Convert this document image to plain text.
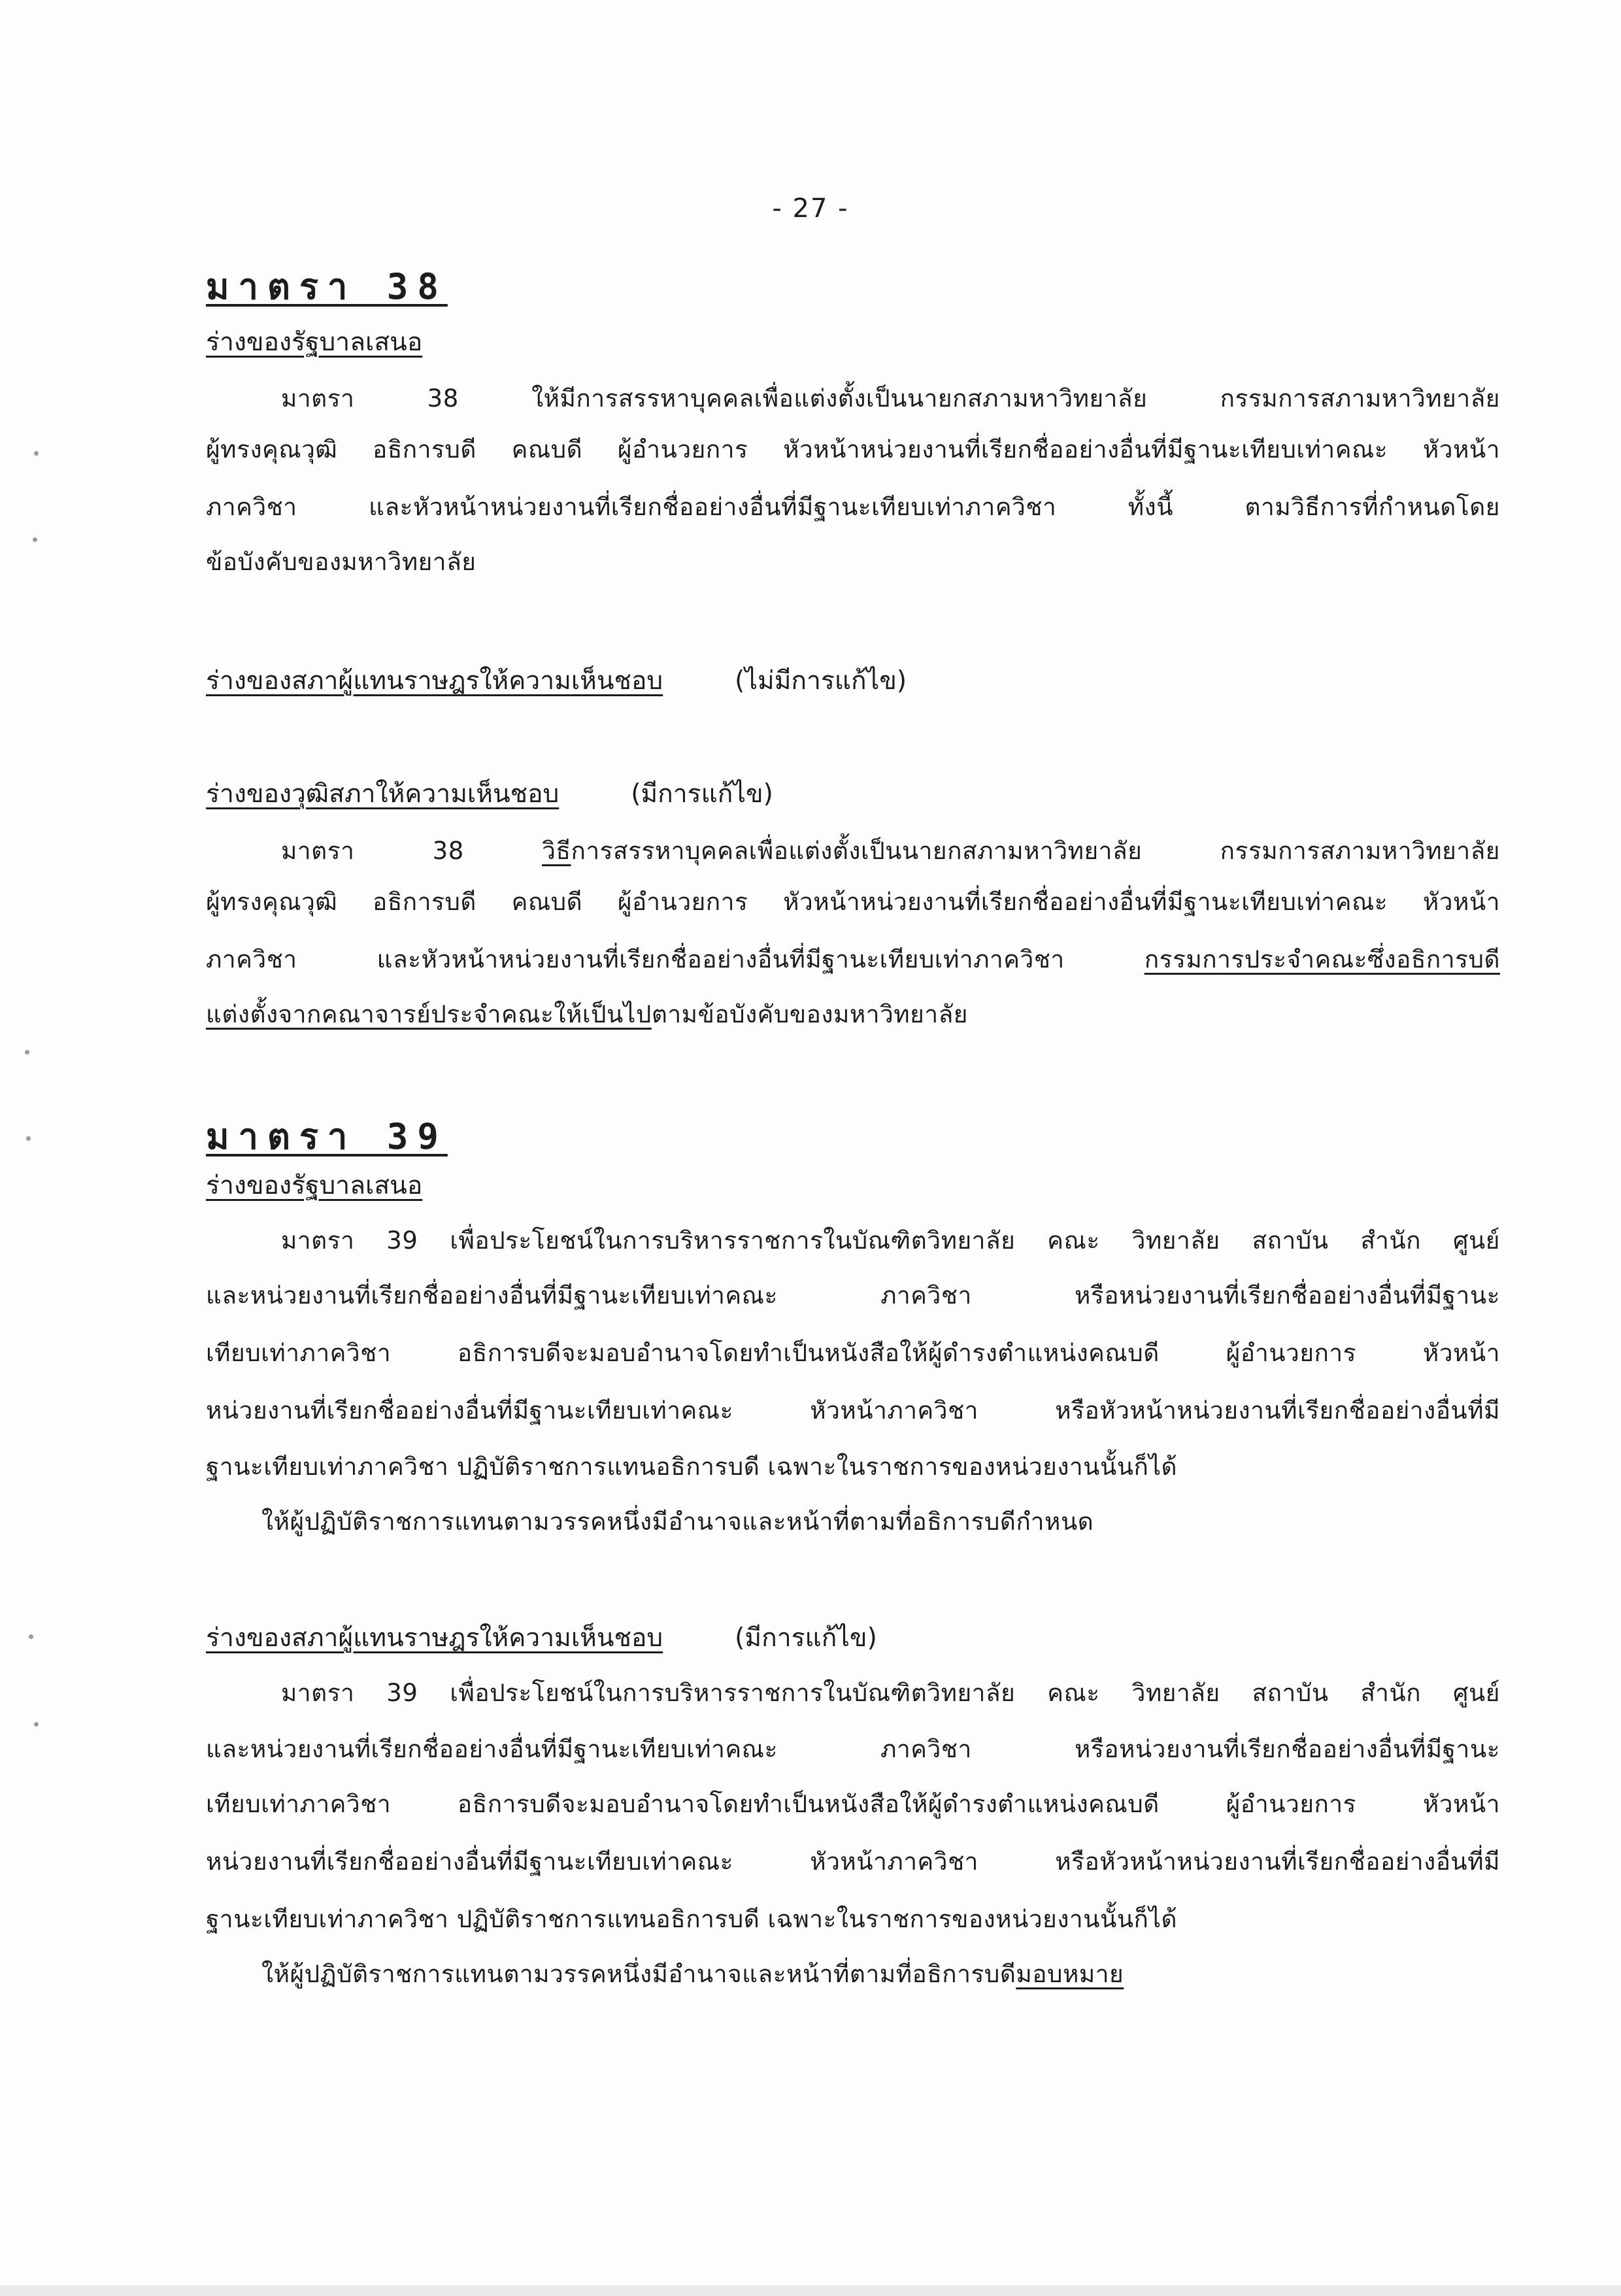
- 27 -
มาตรา 38
ร่างของรัฐบาลเสนอ
มาตรา 38 ให้มีการสรรหาบุคคลเพื่อแต่งตั้งเป็นนายกสภามหาวิทยาลัย กรรมการสภามหาวิทยาลัย
ผู้ทรงคุณวุฒิ อธิการบดี คณบดี ผู้อำนวยการ หัวหน้าหน่วยงานที่เรียกชื่ออย่างอื่นที่มีฐานะเทียบเท่าคณะ หัวหน้า
ภาควิชา และหัวหน้าหน่วยงานที่เรียกชื่ออย่างอื่นที่มีฐานะเทียบเท่าภาควิชา ทั้งนี้ ตามวิธีการที่กำหนดโดย
ข้อบังคับของมหาวิทยาลัย
ร่างของสภาผู้แทนราษฎรให้ความเห็นชอบ	(ไม่มีการแก้ไข)
ร่างของวุฒิสภาให้ความเห็นชอบ	(มีการแก้ไข)
มาตรา 38 วิธีการสรรหาบุคคลเพื่อแต่งตั้งเป็นนายกสภามหาวิทยาลัย กรรมการสภามหาวิทยาลัย
ผู้ทรงคุณวุฒิ อธิการบดี คณบดี ผู้อำนวยการ หัวหน้าหน่วยงานที่เรียกชื่ออย่างอื่นที่มีฐานะเทียบเท่าคณะ หัวหน้า
ภาควิชา และหัวหน้าหน่วยงานที่เรียกชื่ออย่างอื่นที่มีฐานะเทียบเท่าภาควิชา กรรมการประจำคณะซึ่งอธิการบดี
แต่งตั้งจากคณาจารย์ประจำคณะให้เป็นไปตามข้อบังคับของมหาวิทยาลัย
มาตรา 39
ร่างของรัฐบาลเสนอ
มาตรา 39 เพื่อประโยชน์ในการบริหารราชการในบัณฑิตวิทยาลัย คณะ วิทยาลัย สถาบัน สำนัก ศูนย์
และหน่วยงานที่เรียกชื่ออย่างอื่นที่มีฐานะเทียบเท่าคณะ ภาควิชา หรือหน่วยงานที่เรียกชื่ออย่างอื่นที่มีฐานะ
เทียบเท่าภาควิชา อธิการบดีจะมอบอำนาจโดยทำเป็นหนังสือให้ผู้ดำรงตำแหน่งคณบดี ผู้อำนวยการ หัวหน้า
หน่วยงานที่เรียกชื่ออย่างอื่นที่มีฐานะเทียบเท่าคณะ หัวหน้าภาควิชา หรือหัวหน้าหน่วยงานที่เรียกชื่ออย่างอื่นที่มี
ฐานะเทียบเท่าภาควิชา ปฏิบัติราชการแทนอธิการบดี เฉพาะในราชการของหน่วยงานนั้นก็ได้
ให้ผู้ปฏิบัติราชการแทนตามวรรคหนึ่งมีอำนาจและหน้าที่ตามที่อธิการบดีกำหนด
ร่างของสภาผู้แทนราษฎรให้ความเห็นชอบ	(มีการแก้ไข)
มาตรา 39 เพื่อประโยชน์ในการบริหารราชการในบัณฑิตวิทยาลัย คณะ วิทยาลัย สถาบัน สำนัก ศูนย์
และหน่วยงานที่เรียกชื่ออย่างอื่นที่มีฐานะเทียบเท่าคณะ ภาควิชา หรือหน่วยงานที่เรียกชื่ออย่างอื่นที่มีฐานะ
เทียบเท่าภาควิชา อธิการบดีจะมอบอำนาจโดยทำเป็นหนังสือให้ผู้ดำรงตำแหน่งคณบดี ผู้อำนวยการ หัวหน้า
หน่วยงานที่เรียกชื่ออย่างอื่นที่มีฐานะเทียบเท่าคณะ หัวหน้าภาควิชา หรือหัวหน้าหน่วยงานที่เรียกชื่ออย่างอื่นที่มี
ฐานะเทียบเท่าภาควิชา ปฏิบัติราชการแทนอธิการบดี เฉพาะในราชการของหน่วยงานนั้นก็ได้
ให้ผู้ปฏิบัติราชการแทนตามวรรคหนึ่งมีอำนาจและหน้าที่ตามที่อธิการบดีมอบหมาย
